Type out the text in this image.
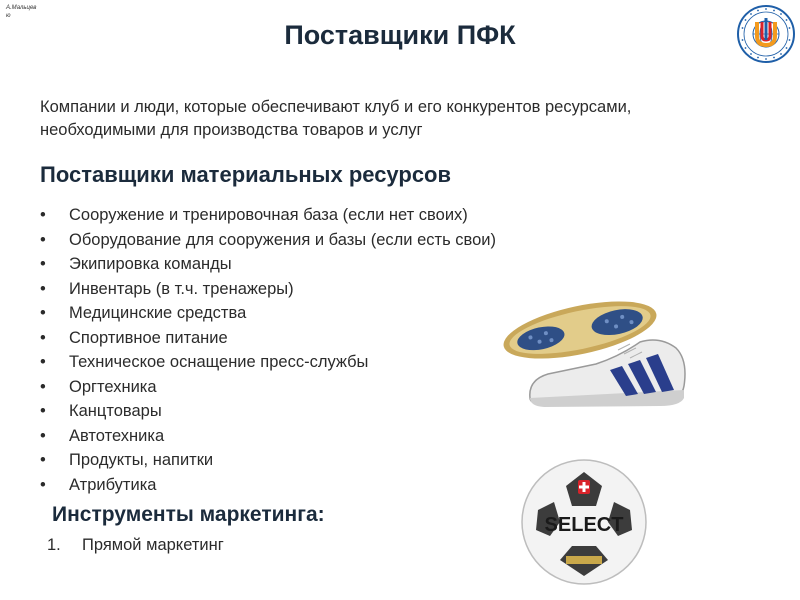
А.Мальцев
ю
Поставщики ПФК
Компании и люди, которые обеспечивают клуб и его конкурентов ресурсами,
необходимыми для производства товаров и услуг
Поставщики материальных ресурсов
• Сооружение и тренировочная база (если нет своих)
• Оборудование для сооружения и базы (если есть свои)
• Экипировка команды
• Инвентарь (в т.ч. тренажеры)
• Медицинские средства
• Спортивное питание
• Техническое оснащение пресс-службы
• Оргтехника
• Канцтовары
• Автотехника
• Продукты, напитки
• Атрибутика
SELECT
Инструменты маркетинга:
1. Прямой маркетинг
